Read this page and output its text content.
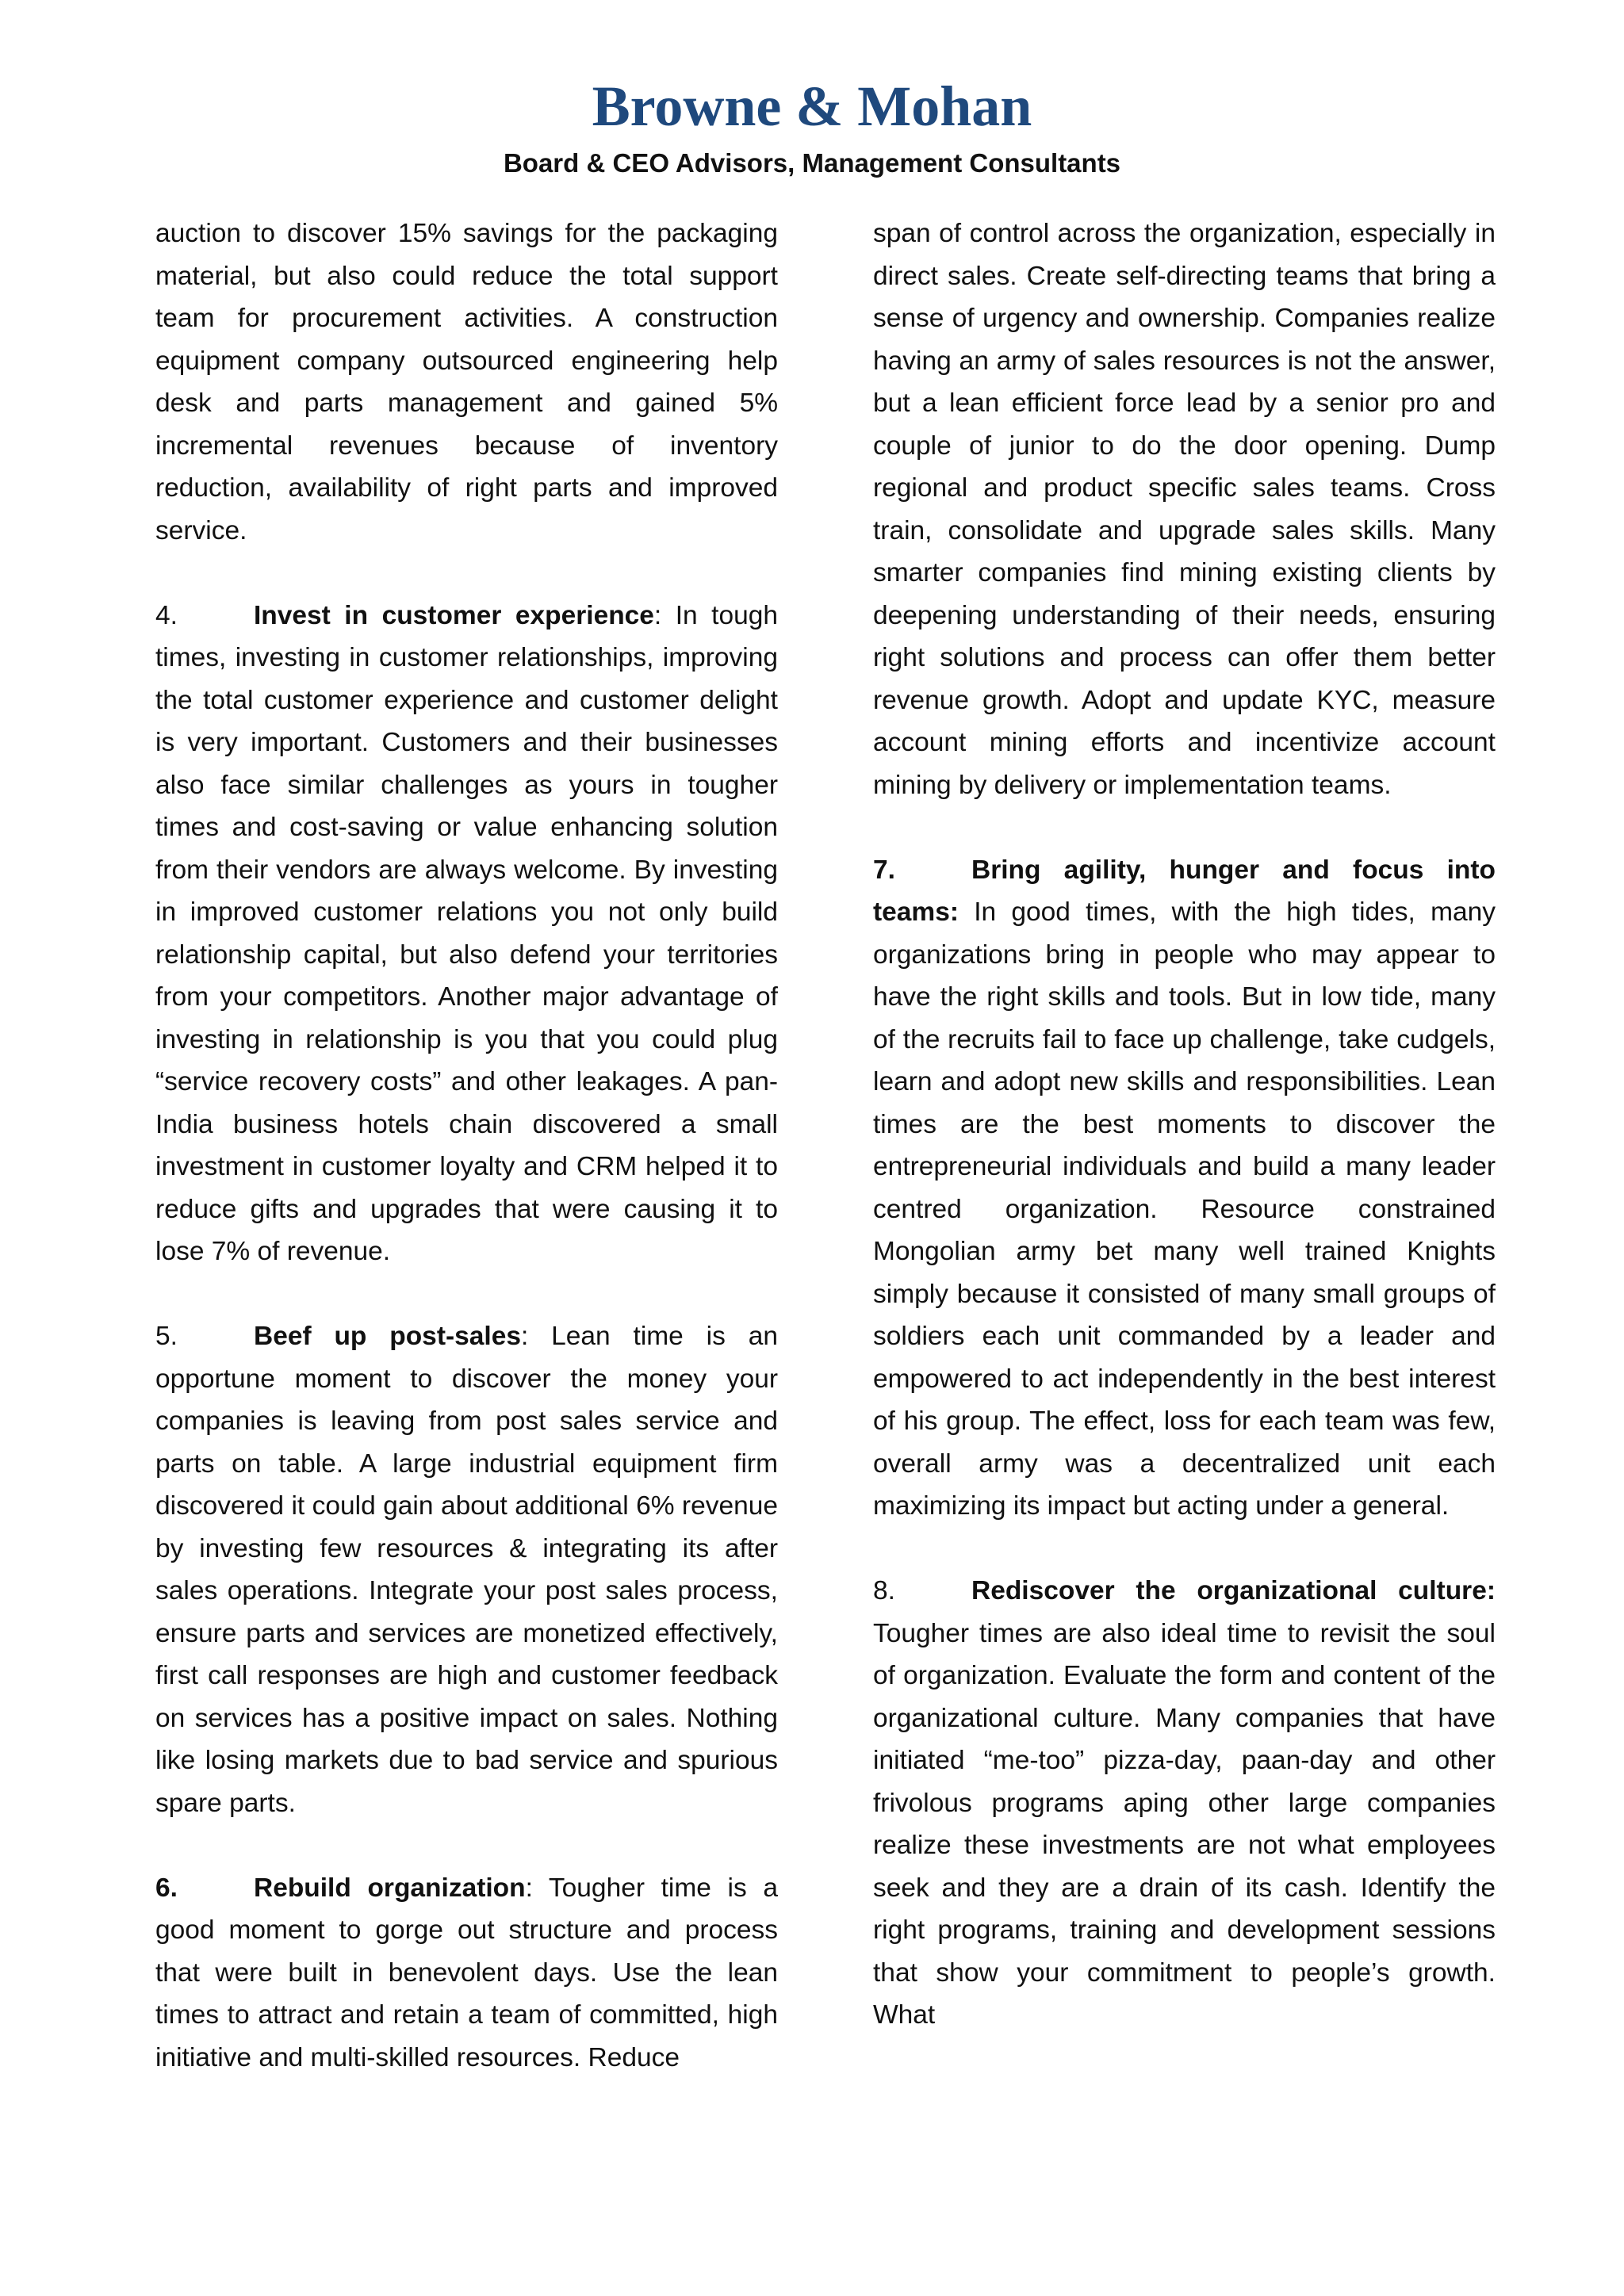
Browne & Mohan
Board & CEO Advisors, Management Consultants

auction to discover 15% savings for the packaging material, but also could reduce the total support team for procurement activities. A construction equipment company outsourced engineering help desk and parts management and gained 5% incremental revenues because of inventory reduction, availability of right parts and improved service.

4.	Invest in customer experience: In tough times, investing in customer relationships, improving the total customer experience and customer delight is very important. Customers and their businesses also face similar challenges as yours in tougher times and cost-saving or value enhancing solution from their vendors are always welcome. By investing in improved customer relations you not only build relationship capital, but also defend your territories from your competitors. Another major advantage of investing in relationship is you that you could plug “service recovery costs” and other leakages. A pan-India business hotels chain discovered a small investment in customer loyalty and CRM helped it to reduce gifts and upgrades that were causing it to lose 7% of revenue.

5.	Beef up post-sales: Lean time is an opportune moment to discover the money your companies is leaving from post sales service and parts on table. A large industrial equipment firm discovered it could gain about additional 6% revenue by investing few resources & integrating its after sales operations. Integrate your post sales process, ensure parts and services are monetized effectively, first call responses are high and customer feedback on services has a positive impact on sales. Nothing like losing markets due to bad service and spurious spare parts.

6.	Rebuild organization: Tougher time is a good moment to gorge out structure and process that were built in benevolent days. Use the lean times to attract and retain a team of committed, high initiative and multi-skilled resources. Reduce

span of control across the organization, especially in direct sales. Create self-directing teams that bring a sense of urgency and ownership. Companies realize having an army of sales resources is not the answer, but a lean efficient force lead by a senior pro and couple of junior to do the door opening. Dump regional and product specific sales teams. Cross train, consolidate and upgrade sales skills. Many smarter companies find mining existing clients by deepening understanding of their needs, ensuring right solutions and process can offer them better revenue growth. Adopt and update KYC, measure account mining efforts and incentivize account mining by delivery or implementation teams.

7.	Bring agility, hunger and focus into teams: In good times, with the high tides, many organizations bring in people who may appear to have the right skills and tools. But in low tide, many of the recruits fail to face up challenge, take cudgels, learn and adopt new skills and responsibilities. Lean times are the best moments to discover the entrepreneurial individuals and build a many leader centred organization. Resource constrained Mongolian army bet many well trained Knights simply because it consisted of many small groups of soldiers each unit commanded by a leader and empowered to act independently in the best interest of his group. The effect, loss for each team was few, overall army was a decentralized unit each maximizing its impact but acting under a general.

8.	Rediscover the organizational culture: Tougher times are also ideal time to revisit the soul of organization. Evaluate the form and content of the organizational culture. Many companies that have initiated “me-too” pizza-day, paan-day and other frivolous programs aping other large companies realize these investments are not what employees seek and they are a drain of its cash. Identify the right programs, training and development sessions that show your commitment to people’s growth. What
